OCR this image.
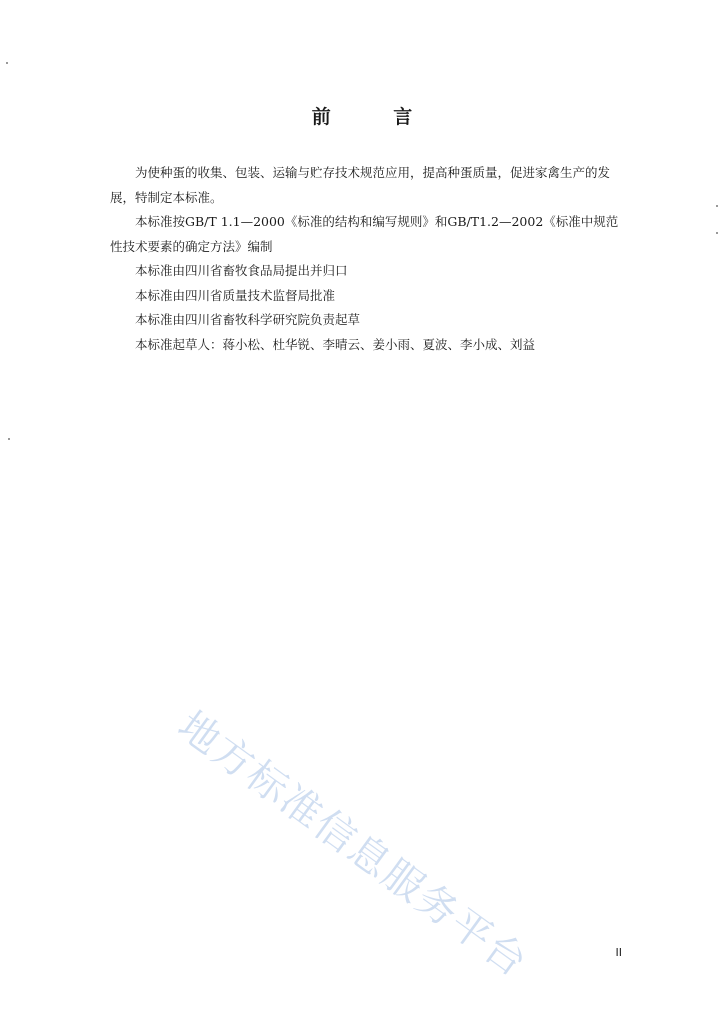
前 言

为使种蛋的收集、包装、运输与贮存技术规范应用，提高种蛋质量，促进家禽生产的发展，特制定本标准。

本标准按GB/T 1.1—2000《标准的结构和编写规则》和GB/T1.2—2002《标准中规范性技术要素的确定方法》编制

本标准由四川省畜牧食品局提出并归口

本标准由四川省质量技术监督局批准

本标准由四川省畜牧科学研究院负责起草

本标准起草人：蒋小松、杜华锐、李晴云、姜小雨、夏波、李小成、刘益

地方标准信息服务平台	II
